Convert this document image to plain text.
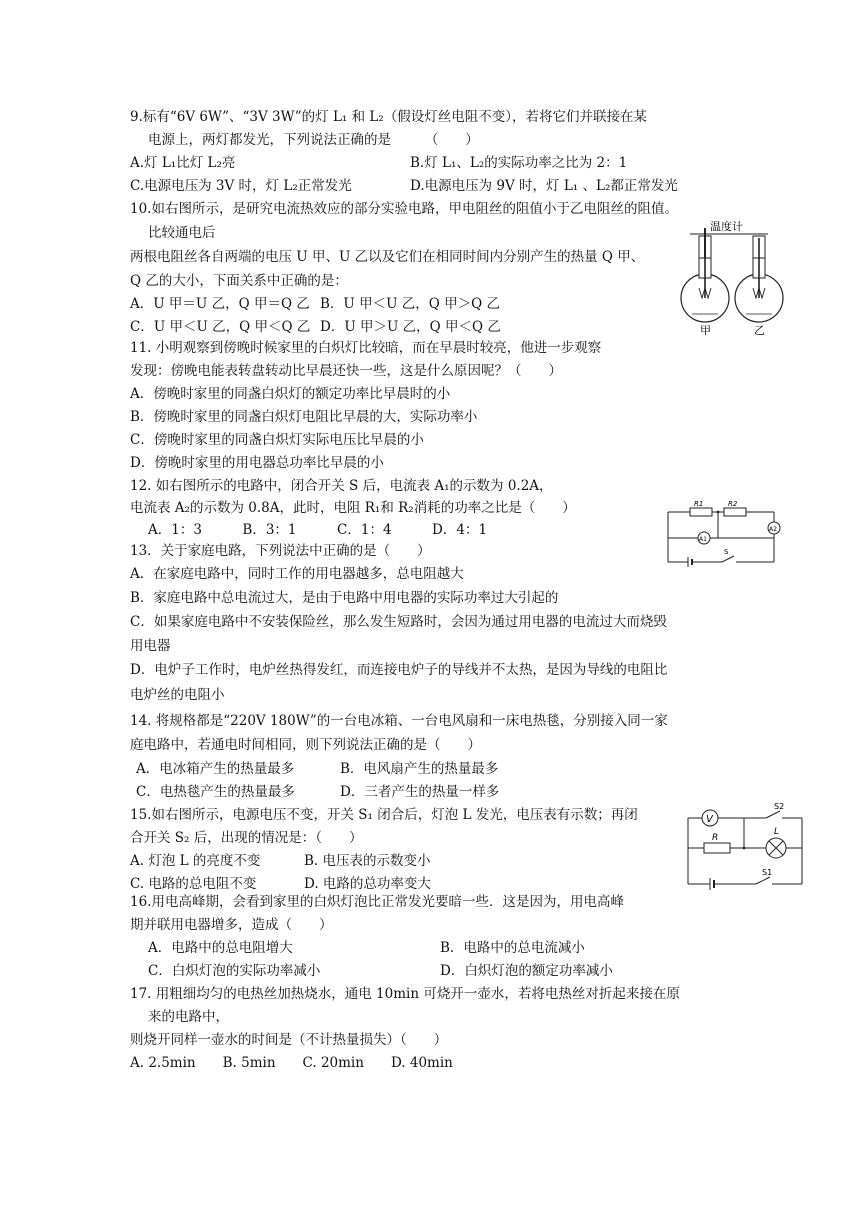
9.标有“6V 6W”、“3V 3W”的灯 L₁ 和 L₂（假设灯丝电阻不变），若将它们并联接在某
电源上，两灯都发光，下列说法正确的是　　　（　　）
A.灯 L₁比灯 L₂亮	B.灯 L₁、L₂的实际功率之比为 2：1
C.电源电压为 3V 时，灯 L₂正常发光	D.电源电压为 9V 时，灯 L₁ 、L₂都正常发光
10.如右图所示，是研究电流热效应的部分实验电路，甲电阻丝的阻值小于乙电阻丝的阻值。
比较通电后
两根电阻丝各自两端的电压 U 甲、U 乙以及它们在相同时间内分别产生的热量 Q 甲、
Q 乙的大小，下面关系中正确的是：
A．U 甲＝U 乙，Q 甲＝Q 乙 B．U 甲＜U 乙，Q 甲＞Q 乙
C．U 甲＜U 乙，Q 甲＜Q 乙 D．U 甲＞U 乙，Q 甲＜Q 乙
温度计
甲	乙
11. 小明观察到傍晚时候家里的白炽灯比较暗，而在早晨时较亮，他进一步观察
发现：傍晚电能表转盘转动比早晨还快一些，这是什么原因呢？（　　）
A．傍晚时家里的同盏白炽灯的额定功率比早晨时的小
B．傍晚时家里的同盏白炽灯电阻比早晨的大，实际功率小
C．傍晚时家里的同盏白炽灯实际电压比早晨的小
D．傍晚时家里的用电器总功率比早晨的小
12. 如右图所示的电路中，闭合开关 S 后，电流表 A₁的示数为 0.2A，
电流表 A₂的示数为 0.8A，此时，电阻 R₁和 R₂消耗的功率之比是（　　）
A．1：3　　　B．3：1　　　C．1：4　　　D．4：1
R1	R2
A1
A2
S
13．关于家庭电路，下列说法中正确的是（　　）
A．在家庭电路中，同时工作的用电器越多，总电阻越大
B．家庭电路中总电流过大，是由于电路中用电器的实际功率过大引起的
C．如果家庭电路中不安装保险丝，那么发生短路时，会因为通过用电器的电流过大而烧毁
用电器
D．电炉子工作时，电炉丝热得发红，而连接电炉子的导线并不太热，是因为导线的电阻比
电炉丝的电阻小
14. 将规格都是“220V 180W”的一台电冰箱、一台电风扇和一床电热毯，分别接入同一家
庭电路中，若通电时间相同，则下列说法正确的是（　　）
A．电冰箱产生的热量最多	B．电风扇产生的热量最多
C．电热毯产生的热量最多	D．三者产生的热量一样多
15.如右图所示，电源电压不变，开关 S₁ 闭合后，灯泡 L 发光，电压表有示数；再闭
合开关 S₂ 后，出现的情况是：（　　）
A. 灯泡 L 的亮度不变	B. 电压表的示数变小
C. 电路的总电阻不变	D. 电路的总功率变大
V
S2
R
L
S1
16.用电高峰期，会看到家里的白炽灯泡比正常发光要暗一些．这是因为，用电高峰
期并联用电器增多，造成（　　）
A．电路中的总电阻增大	B．电路中的总电流减小
C．白炽灯泡的实际功率减小	D．白炽灯泡的额定功率减小
17. 用粗细均匀的电热丝加热烧水，通电 10min 可烧开一壶水，若将电热丝对折起来接在原
来的电路中，
则烧开同样一壶水的时间是（不计热量损失）（　　）
A. 2.5min　　B. 5min　　C. 20min　　D. 40min
